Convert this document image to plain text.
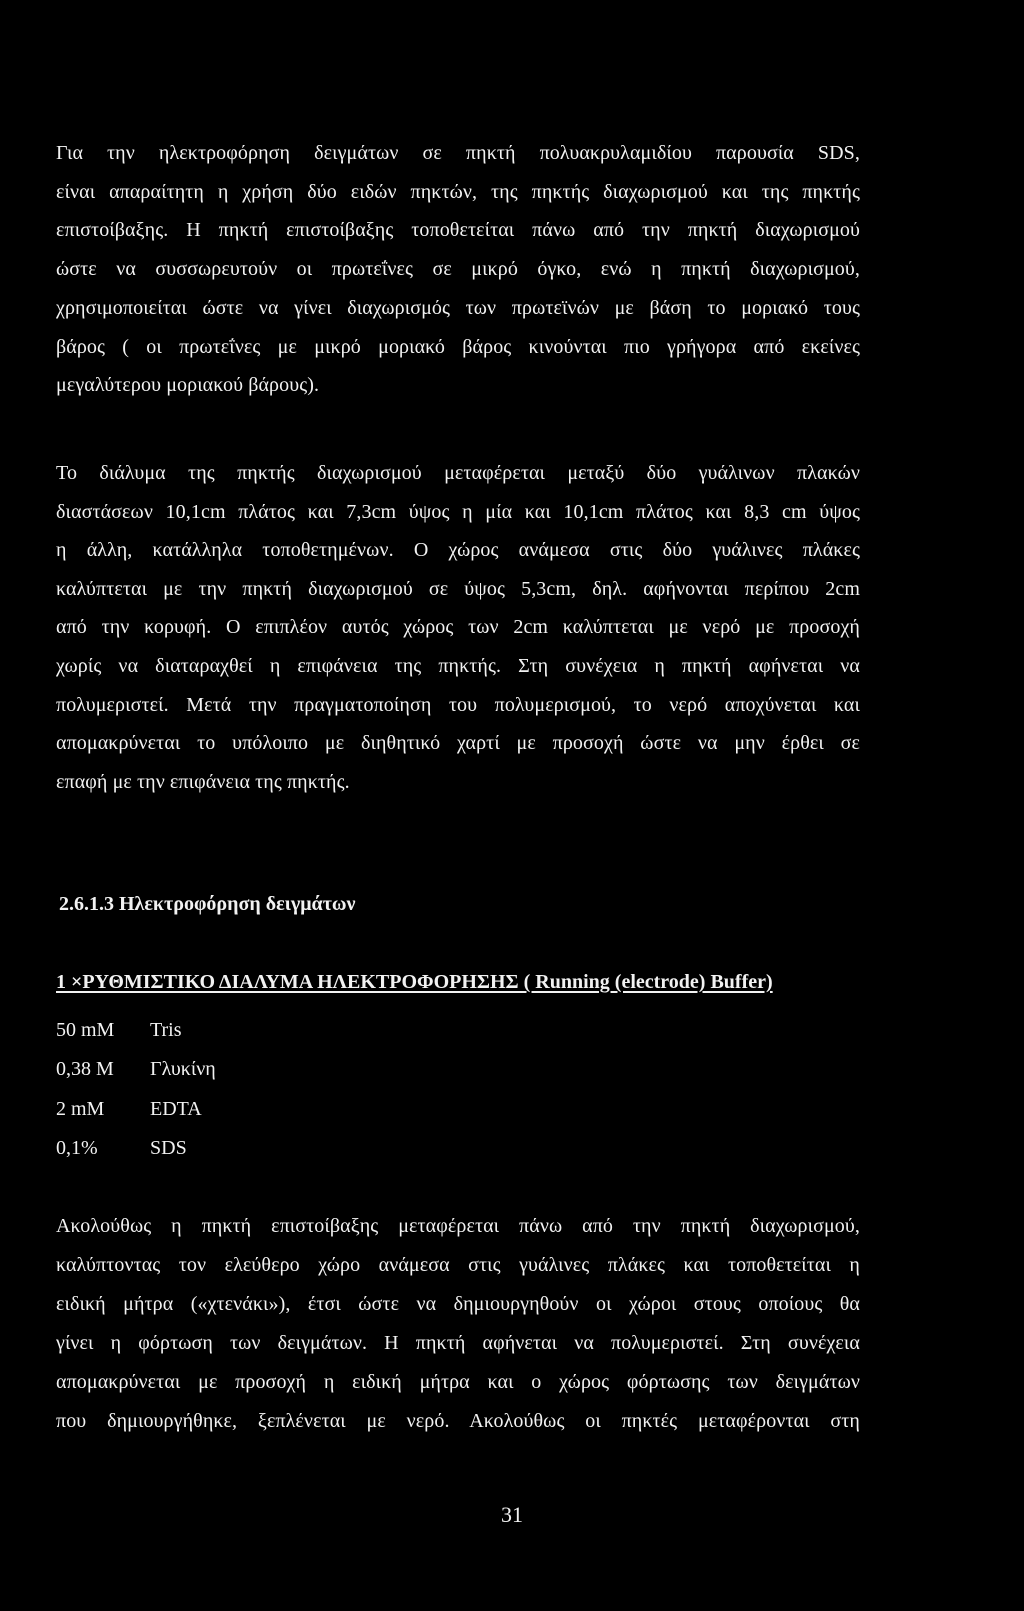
Για την ηλεκτροφόρηση δειγμάτων σε πηκτή πολυακρυλαμιδίου παρουσία SDS,
είναι απαραίτητη η χρήση δύο ειδών πηκτών, της πηκτής διαχωρισμού και της πηκτής
επιστοίβαξης. Η πηκτή επιστοίβαξης τοποθετείται πάνω από την πηκτή διαχωρισμού
ώστε να συσσωρευτούν οι πρωτεΐνες σε μικρό όγκο, ενώ η πηκτή διαχωρισμού,
χρησιμοποιείται ώστε να γίνει διαχωρισμός των πρωτεϊνών με βάση το μοριακό τους
βάρος ( οι πρωτεΐνες με μικρό μοριακό βάρος κινούνται πιο γρήγορα από εκείνες
μεγαλύτερου μοριακού βάρους).

Το διάλυμα της πηκτής διαχωρισμού μεταφέρεται μεταξύ δύο γυάλινων πλακών
διαστάσεων 10,1cm πλάτος και 7,3cm ύψος η μία και 10,1cm πλάτος και 8,3 cm ύψος
η άλλη, κατάλληλα τοποθετημένων. Ο χώρος ανάμεσα στις δύο γυάλινες πλάκες
καλύπτεται με την πηκτή διαχωρισμού σε ύψος 5,3cm, δηλ. αφήνονται περίπου 2cm
από την κορυφή. Ο επιπλέον αυτός χώρος των 2cm καλύπτεται με νερό με προσοχή
χωρίς να διαταραχθεί η επιφάνεια της πηκτής. Στη συνέχεια η πηκτή αφήνεται να
πολυμεριστεί. Μετά την πραγματοποίηση του πολυμερισμού, το νερό αποχύνεται και
απομακρύνεται το υπόλοιπο με διηθητικό χαρτί με προσοχή ώστε να μην έρθει σε
επαφή με την επιφάνεια της πηκτής.

2.6.1.3 Ηλεκτροφόρηση δειγμάτων
1 ×ΡΥΘΜΙΣΤΙΚΟ ΔΙΑΛΥΜΑ ΗΛΕΚΤΡΟΦΟΡΗΣΗΣ ( Running (electrode) Buffer)
50 mM Tris
0,38 M Γλυκίνη
2 mM EDTA
0,1%	SDS

Ακολούθως η πηκτή επιστοίβαξης μεταφέρεται πάνω από την πηκτή διαχωρισμού,
καλύπτοντας τον ελεύθερο χώρο ανάμεσα στις γυάλινες πλάκες και τοποθετείται η
ειδική μήτρα («χτενάκι»), έτσι ώστε να δημιουργηθούν οι χώροι στους οποίους θα
γίνει η φόρτωση των δειγμάτων. Η πηκτή αφήνεται να πολυμεριστεί. Στη συνέχεια
απομακρύνεται με προσοχή η ειδική μήτρα και ο χώρος φόρτωσης των δειγμάτων
που δημιουργήθηκε, ξεπλένεται με νερό. Ακολούθως οι πηκτές μεταφέρονται στη

31
